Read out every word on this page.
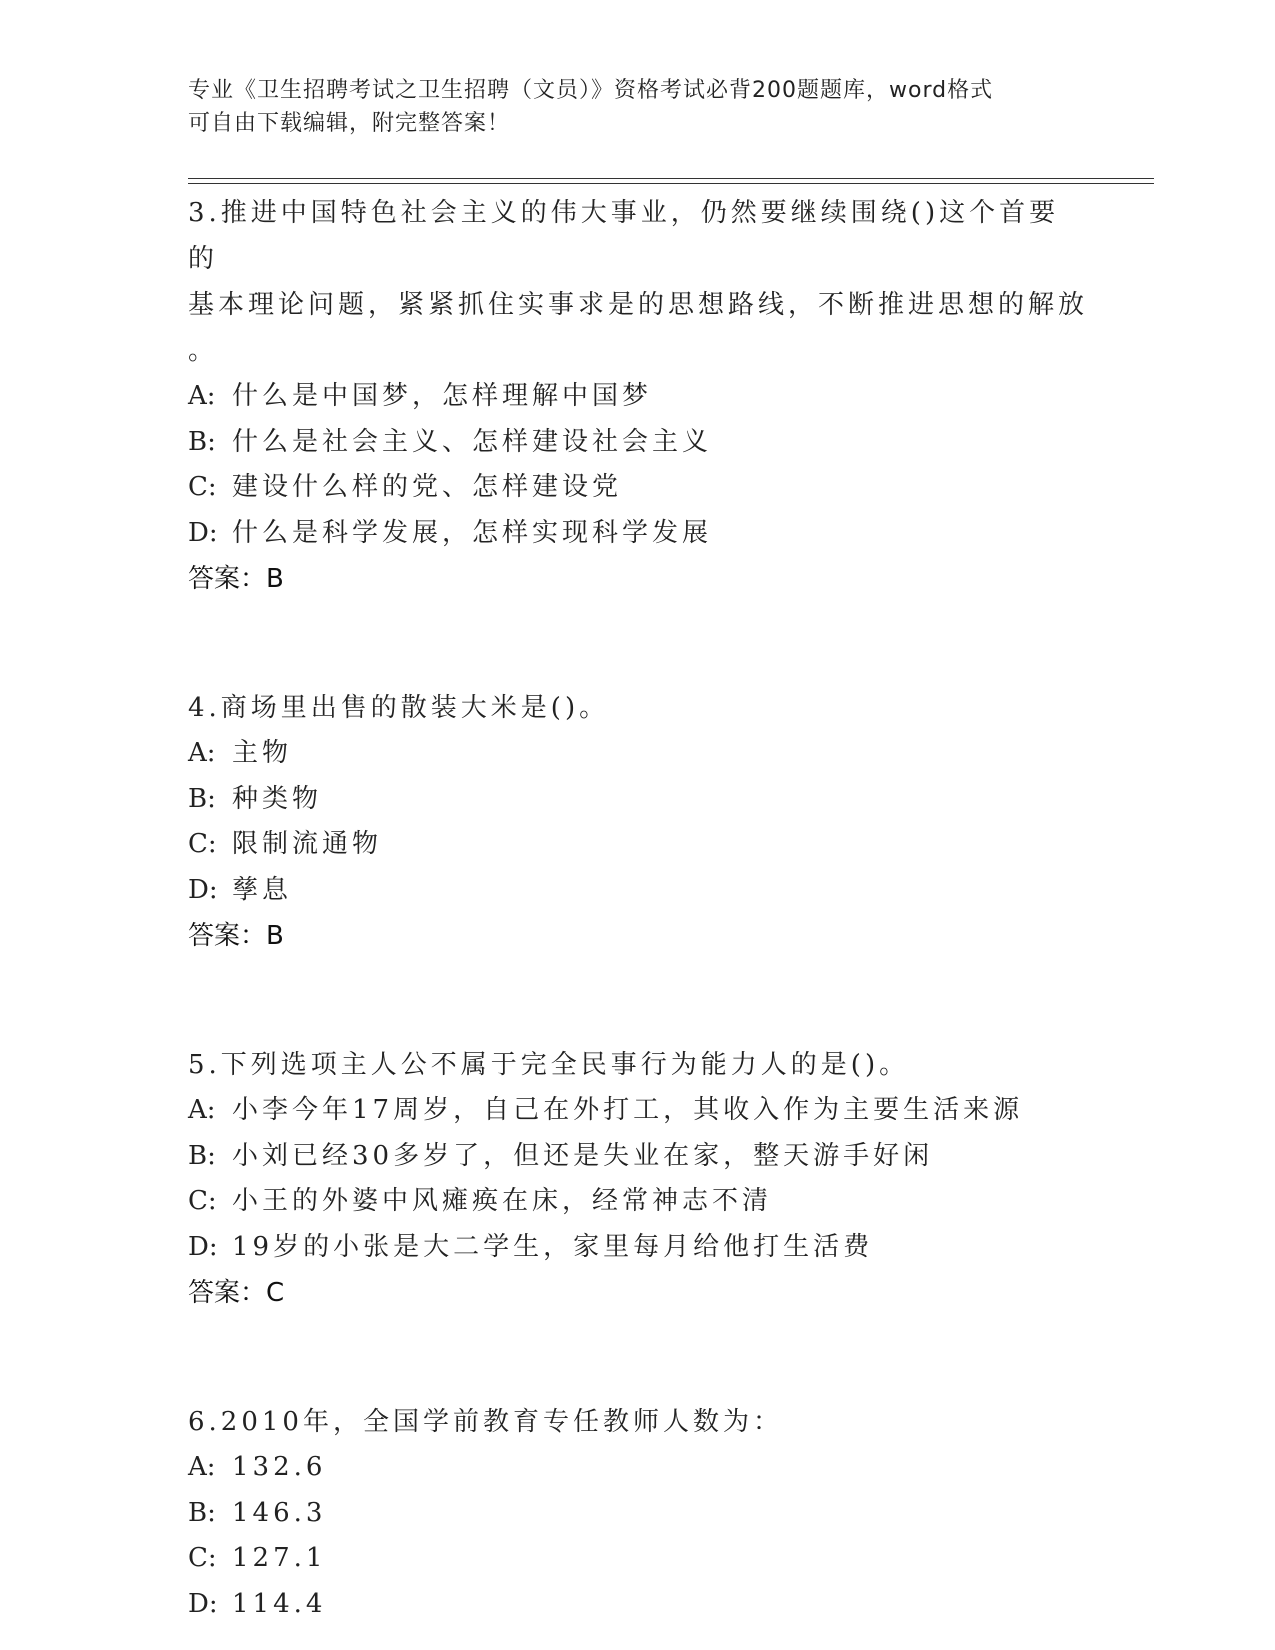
专业《卫生招聘考试之卫生招聘（文员）》资格考试必背200题题库，word格式
可自由下载编辑，附完整答案！

3.推进中国特色社会主义的伟大事业，仍然要继续围绕()这个首要的

基本理论问题，紧紧抓住实事求是的思想路线，不断推进思想的解放

。

A: 什么是中国梦，怎样理解中国梦

B: 什么是社会主义、怎样建设社会主义

C: 建设什么样的党、怎样建设党

D: 什么是科学发展，怎样实现科学发展

答案：B

4.商场里出售的散装大米是()。

A: 主物

B: 种类物

C: 限制流通物

D: 孳息

答案：B

5.下列选项主人公不属于完全民事行为能力人的是()。

A: 小李今年17周岁，自己在外打工，其收入作为主要生活来源

B: 小刘已经30多岁了，但还是失业在家，整天游手好闲

C: 小王的外婆中风瘫痪在床，经常神志不清

D: 19岁的小张是大二学生，家里每月给他打生活费

答案：C

6.2010年，全国学前教育专任教师人数为：

A: 132.6

B: 146.3

C: 127.1

D: 114.4
